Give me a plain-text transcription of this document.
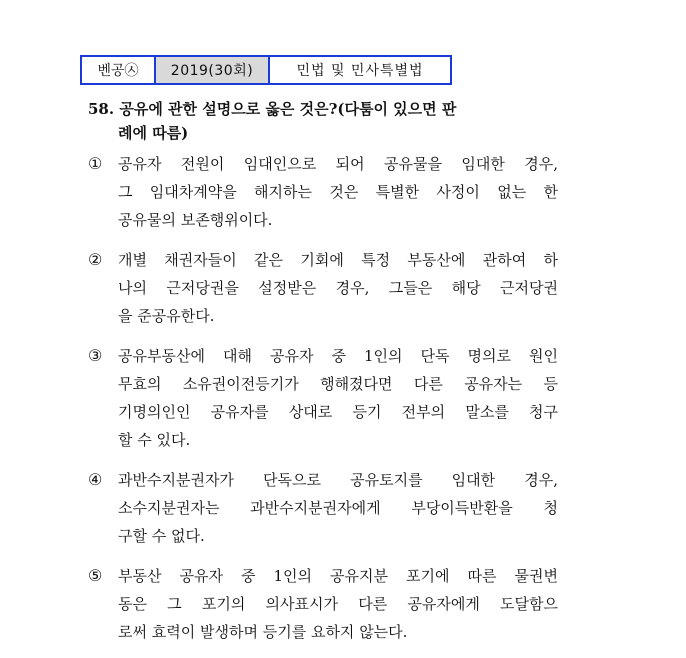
벤공㉦	2019(30회)	민법 및 민사특별법
58. 공유에 관한 설명으로 옳은 것은?(다툼이 있으면 판
례에 따름)
①	공유자 전원이 임대인으로 되어 공유물을 임대한 경우,
그 임대차계약을 해지하는 것은 특별한 사정이 없는 한
공유물의 보존행위이다.
②	개별 채권자들이 같은 기회에 특정 부동산에 관하여 하
나의 근저당권을 설정받은 경우, 그들은 해당 근저당권
을 준공유한다.
③	공유부동산에 대해 공유자 중 1인의 단독 명의로 원인
무효의 소유권이전등기가 행해졌다면 다른 공유자는 등
기명의인인 공유자를 상대로 등기 전부의 말소를 청구
할 수 있다.
④	과반수지분권자가 단독으로 공유토지를 임대한 경우,
소수지분권자는 과반수지분권자에게 부당이득반환을 청
구할 수 없다.
⑤	부동산 공유자 중 1인의 공유지분 포기에 따른 물권변
동은 그 포기의 의사표시가 다른 공유자에게 도달함으
로써 효력이 발생하며 등기를 요하지 않는다.
